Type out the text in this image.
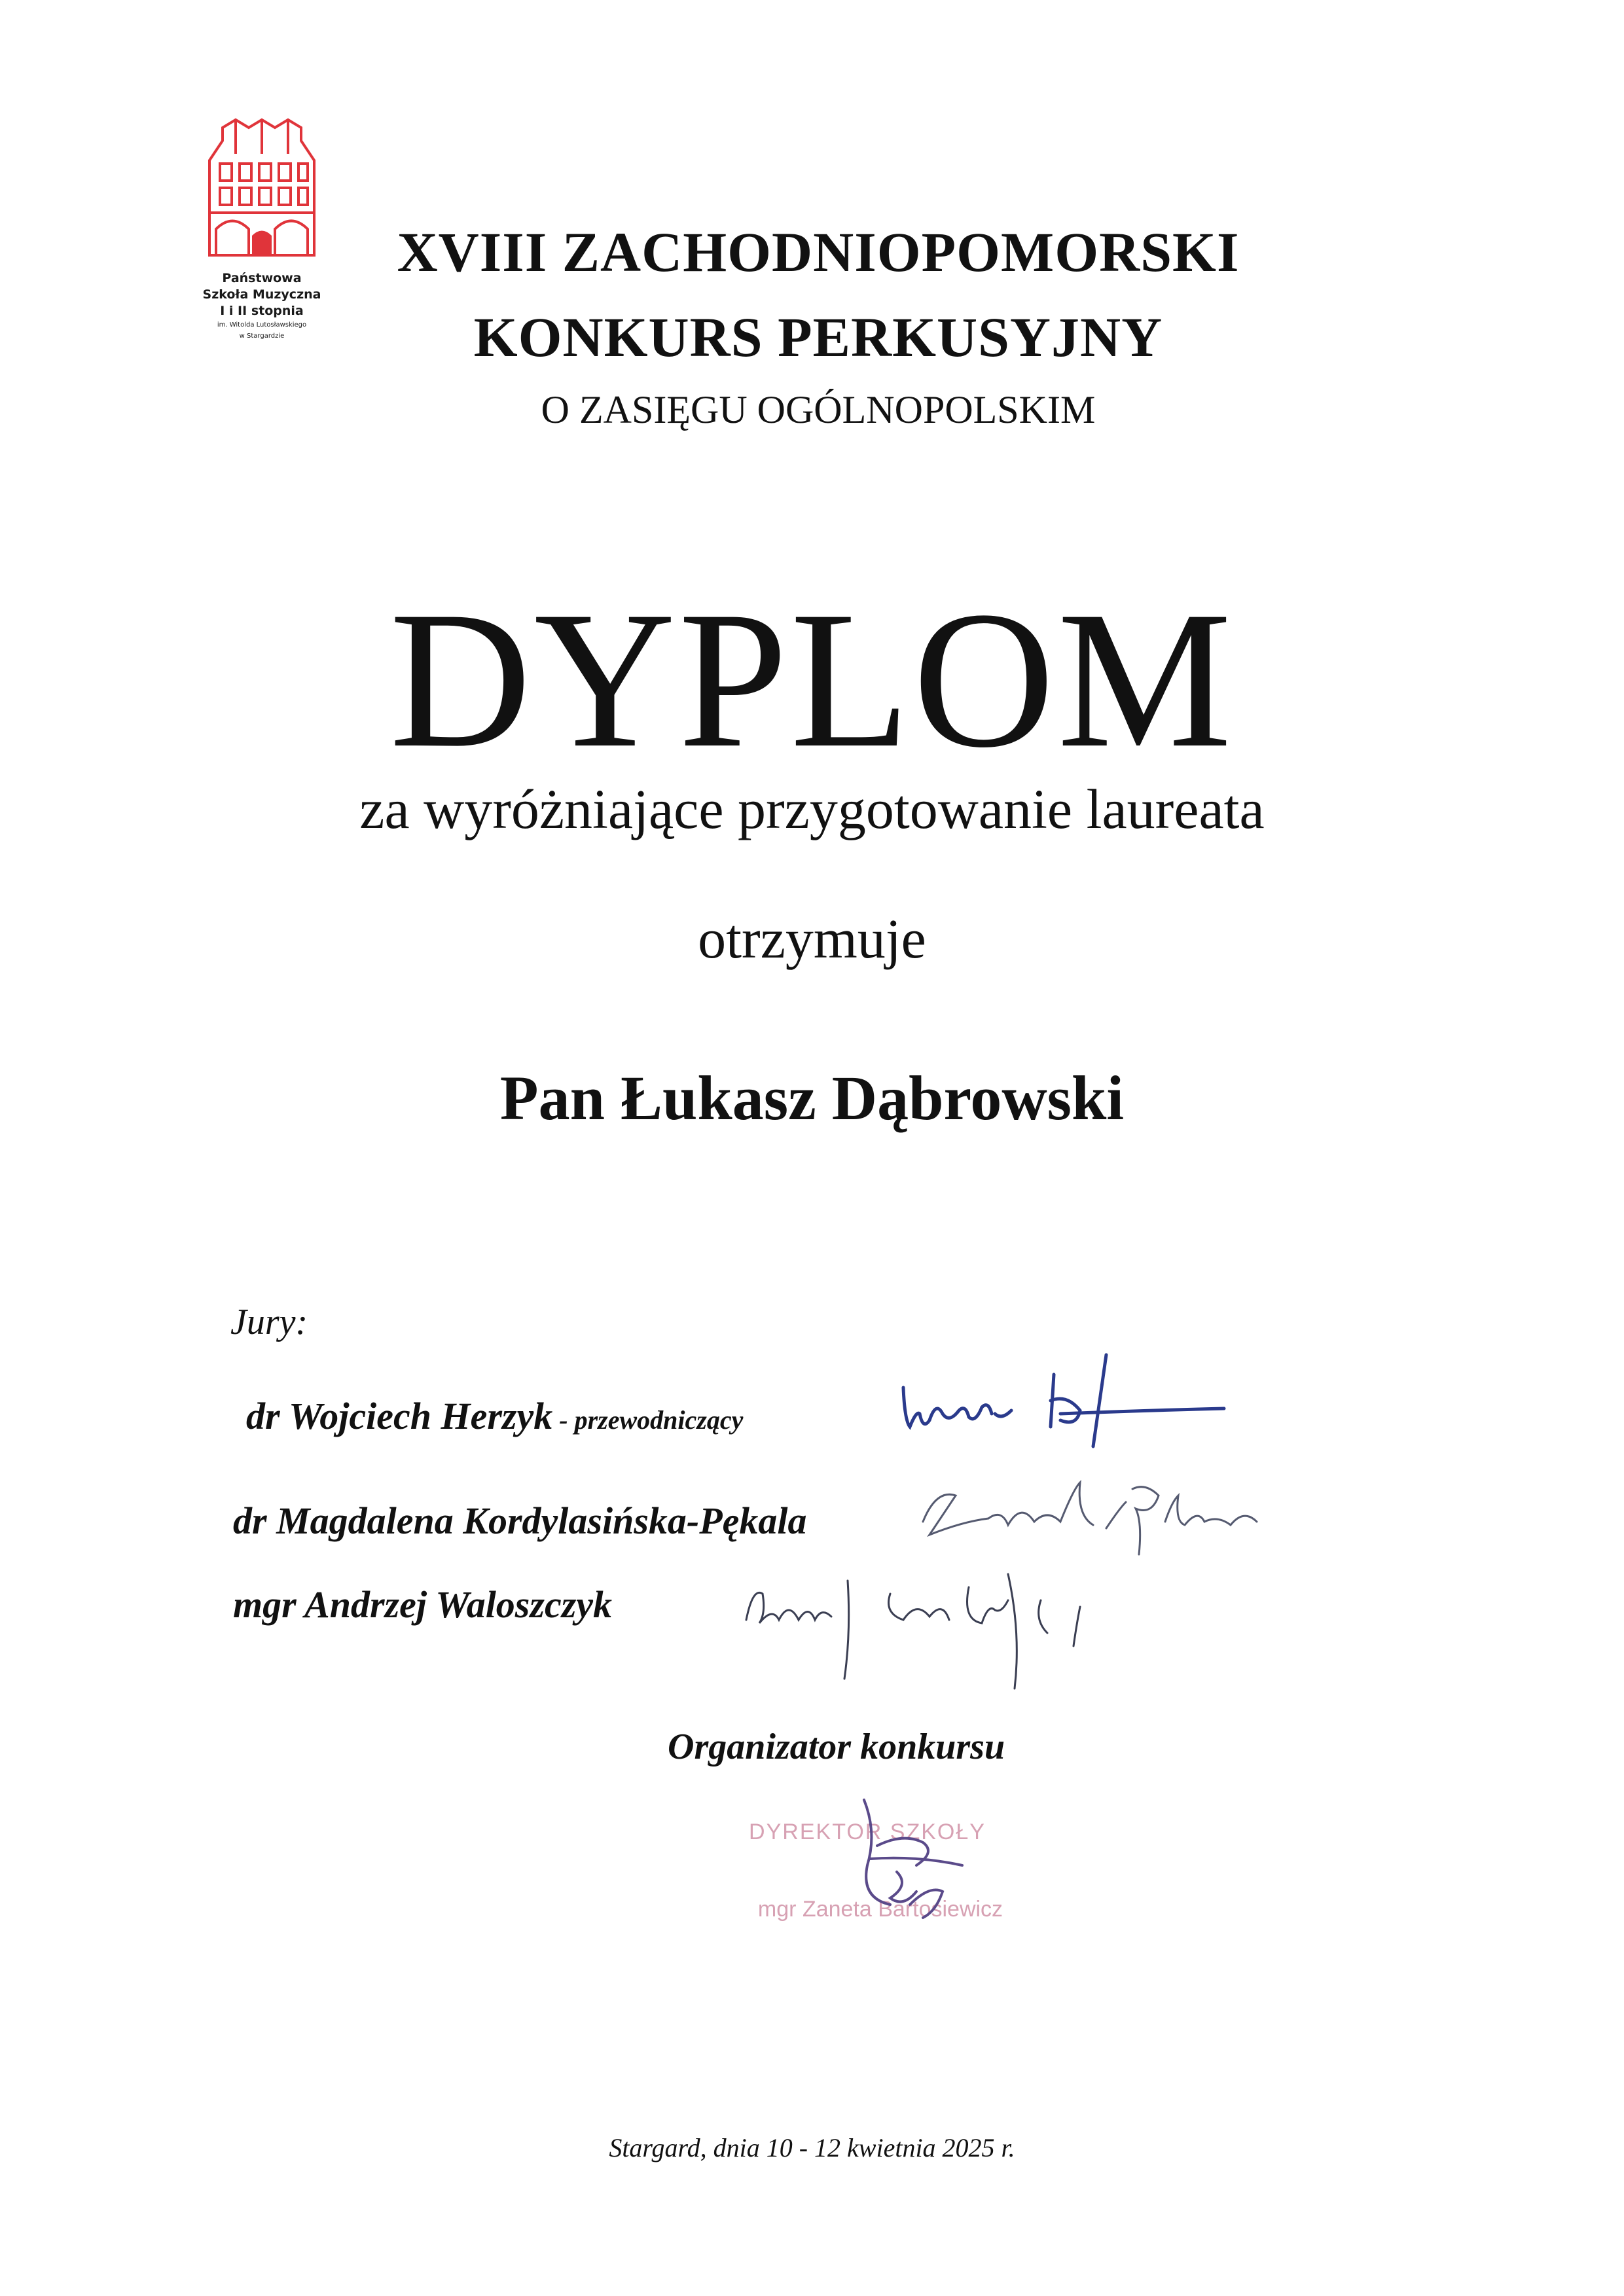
Państwowa
Szkoła Muzyczna
I i II stopnia
im. Witolda Lutosławskiego
w Stargardzie
XVIII ZACHODNIOPOMORSKI
KONKURS PERKUSYJNY
O ZASIĘGU OGÓLNOPOLSKIM
DYPLOM
za wyróżniające przygotowanie laureata
otrzymuje
Pan Łukasz Dąbrowski
Jury:
dr Wojciech Herzyk - przewodniczący
dr Magdalena Kordylasińska-Pękala
mgr Andrzej Waloszczyk
Organizator konkursu
DYREKTOR SZKOŁY
mgr Zaneta Bartosiewicz
Stargard, dnia 10 - 12 kwietnia 2025 r.
